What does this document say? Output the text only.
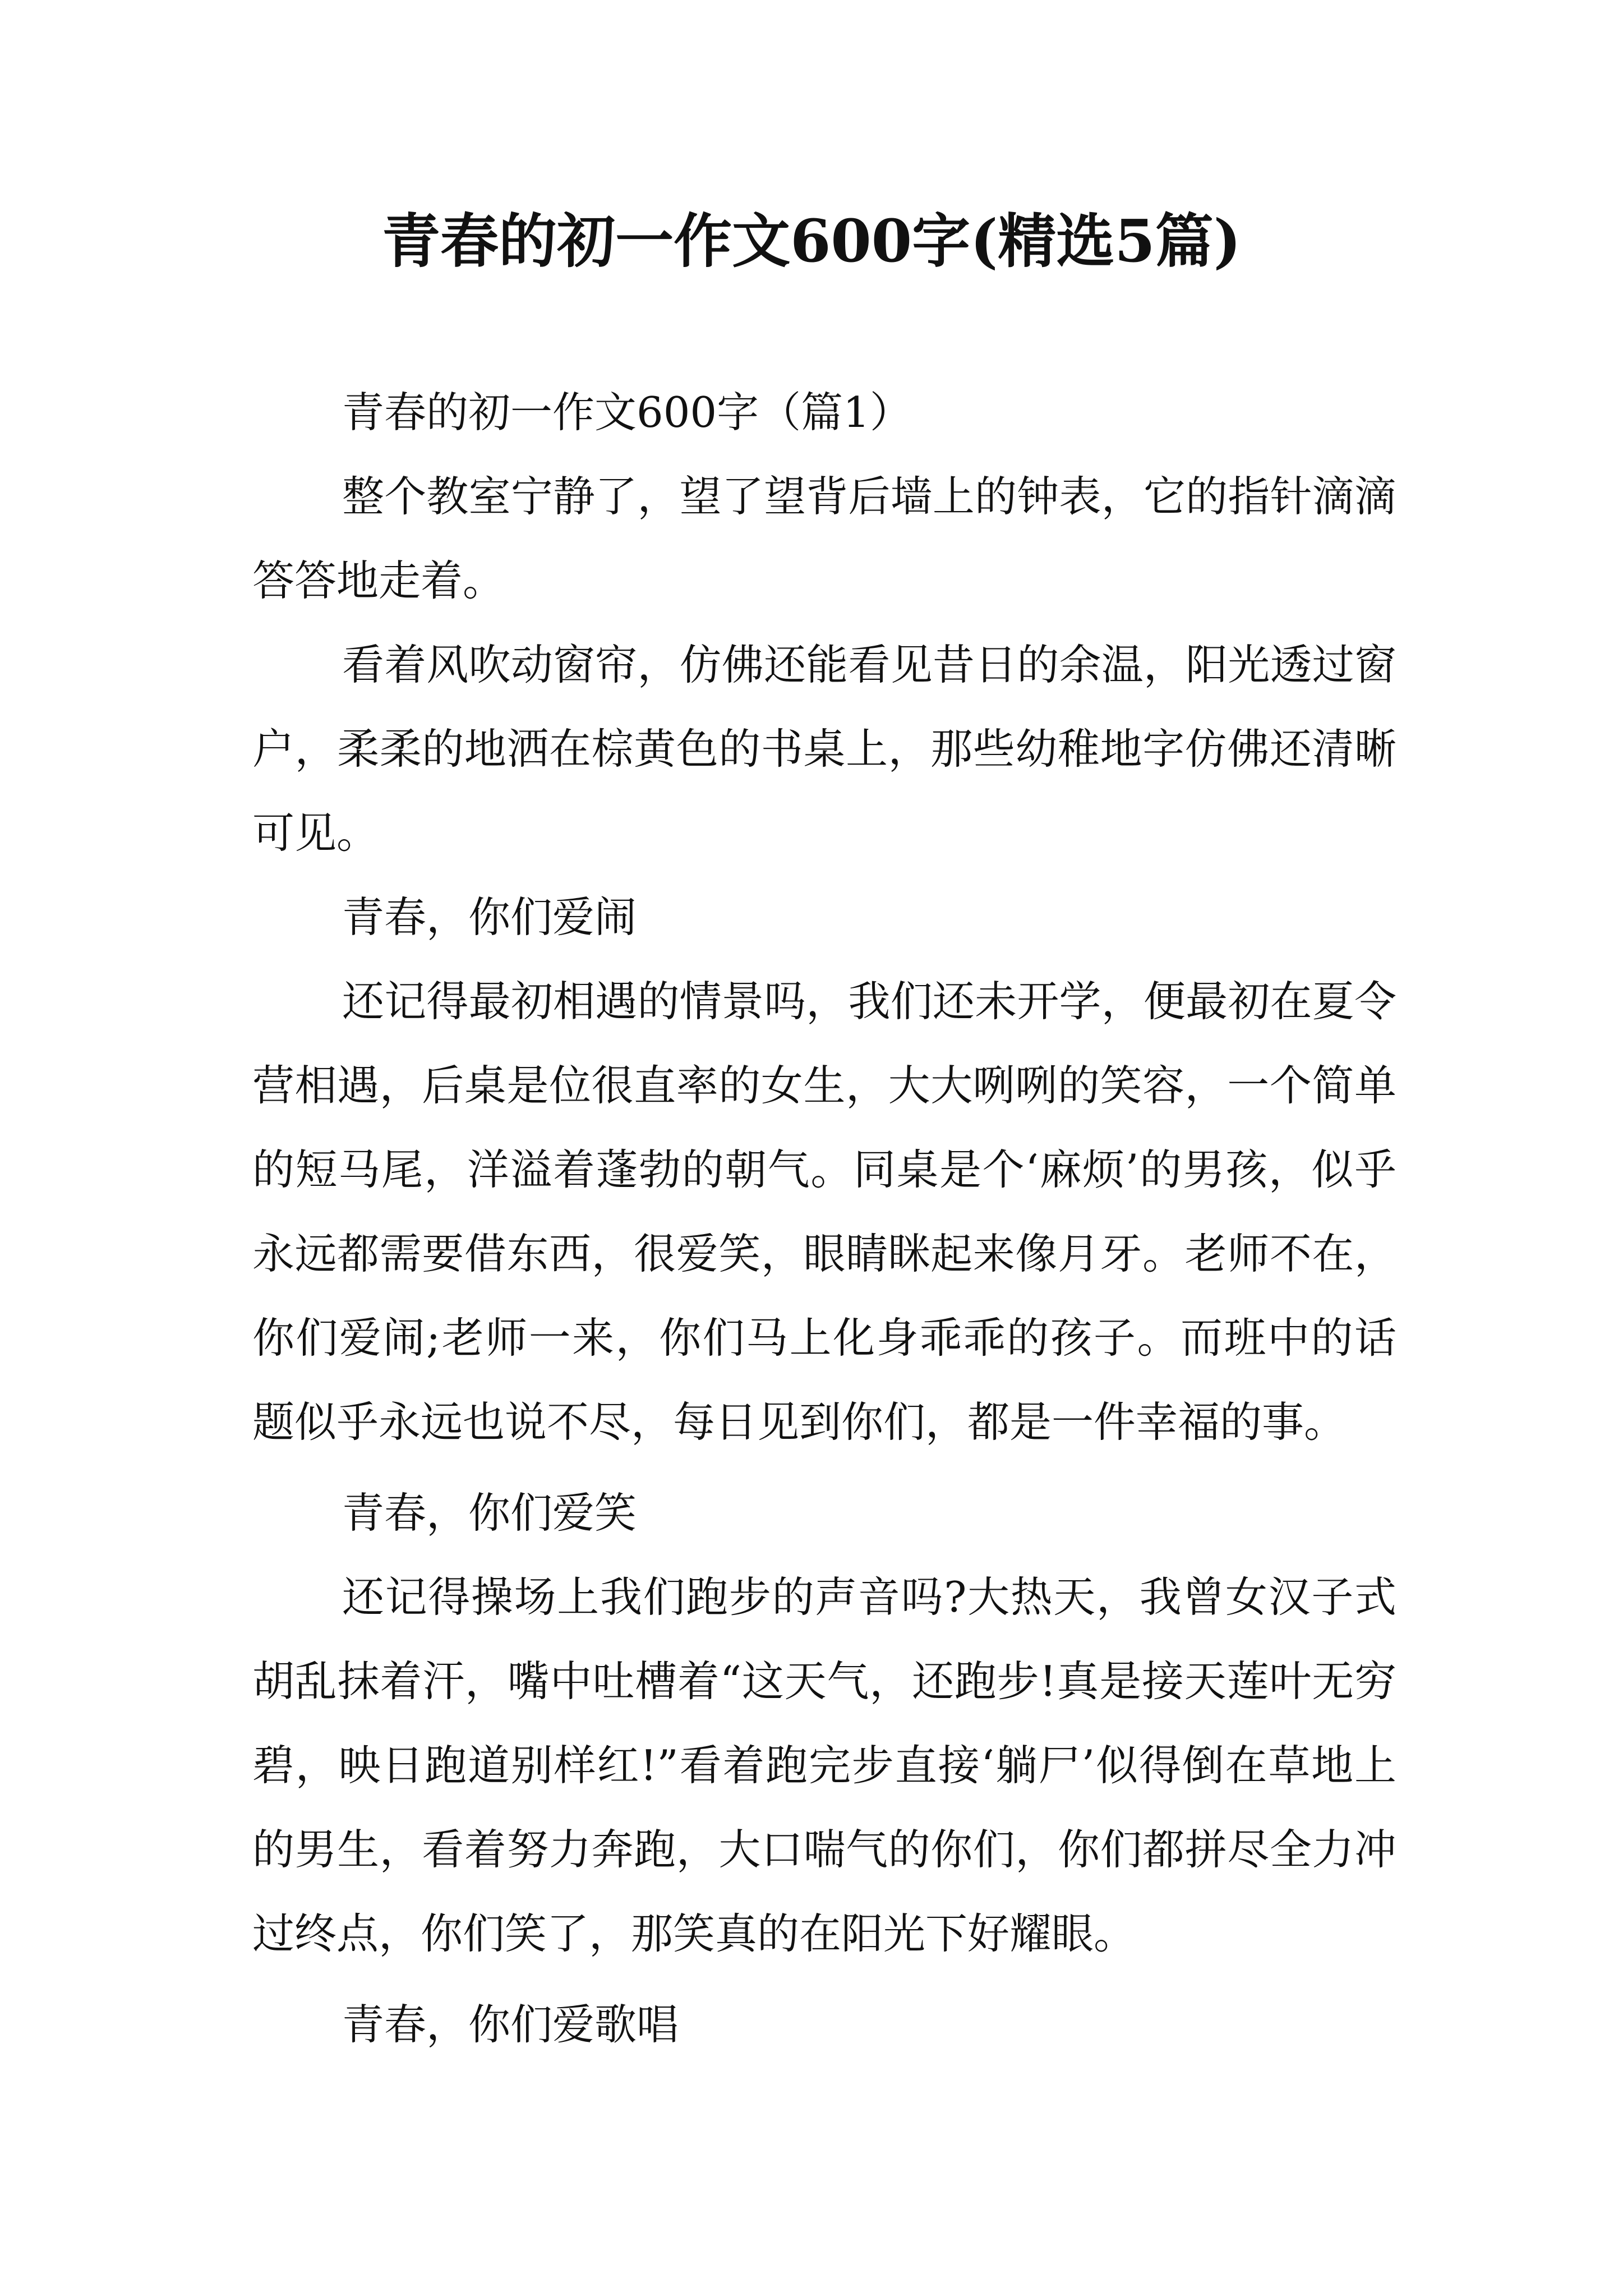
青春的初一作文600字(精选5篇)

青春的初一作文600字（篇1）

整个教室宁静了，望了望背后墙上的钟表，它的指针滴滴答答地走着。

看着风吹动窗帘，仿佛还能看见昔日的余温，阳光透过窗户，柔柔的地洒在棕黄色的书桌上，那些幼稚地字仿佛还清晰可见。

青春，你们爱闹

还记得最初相遇的情景吗，我们还未开学，便最初在夏令营相遇，后桌是位很直率的女生，大大咧咧的笑容，一个简单的短马尾，洋溢着蓬勃的朝气。同桌是个‘麻烦’的男孩，似乎永远都需要借东西，很爱笑，眼睛眯起来像月牙。老师不在，你们爱闹;老师一来，你们马上化身乖乖的孩子。而班中的话题似乎永远也说不尽，每日见到你们，都是一件幸福的事。

青春，你们爱笑

还记得操场上我们跑步的声音吗?大热天，我曾女汉子式胡乱抹着汗，嘴中吐槽着“这天气，还跑步!真是接天莲叶无穷碧，映日跑道别样红!”看着跑完步直接‘躺尸’似得倒在草地上的男生，看着努力奔跑，大口喘气的你们，你们都拼尽全力冲过终点，你们笑了，那笑真的在阳光下好耀眼。

青春，你们爱歌唱
